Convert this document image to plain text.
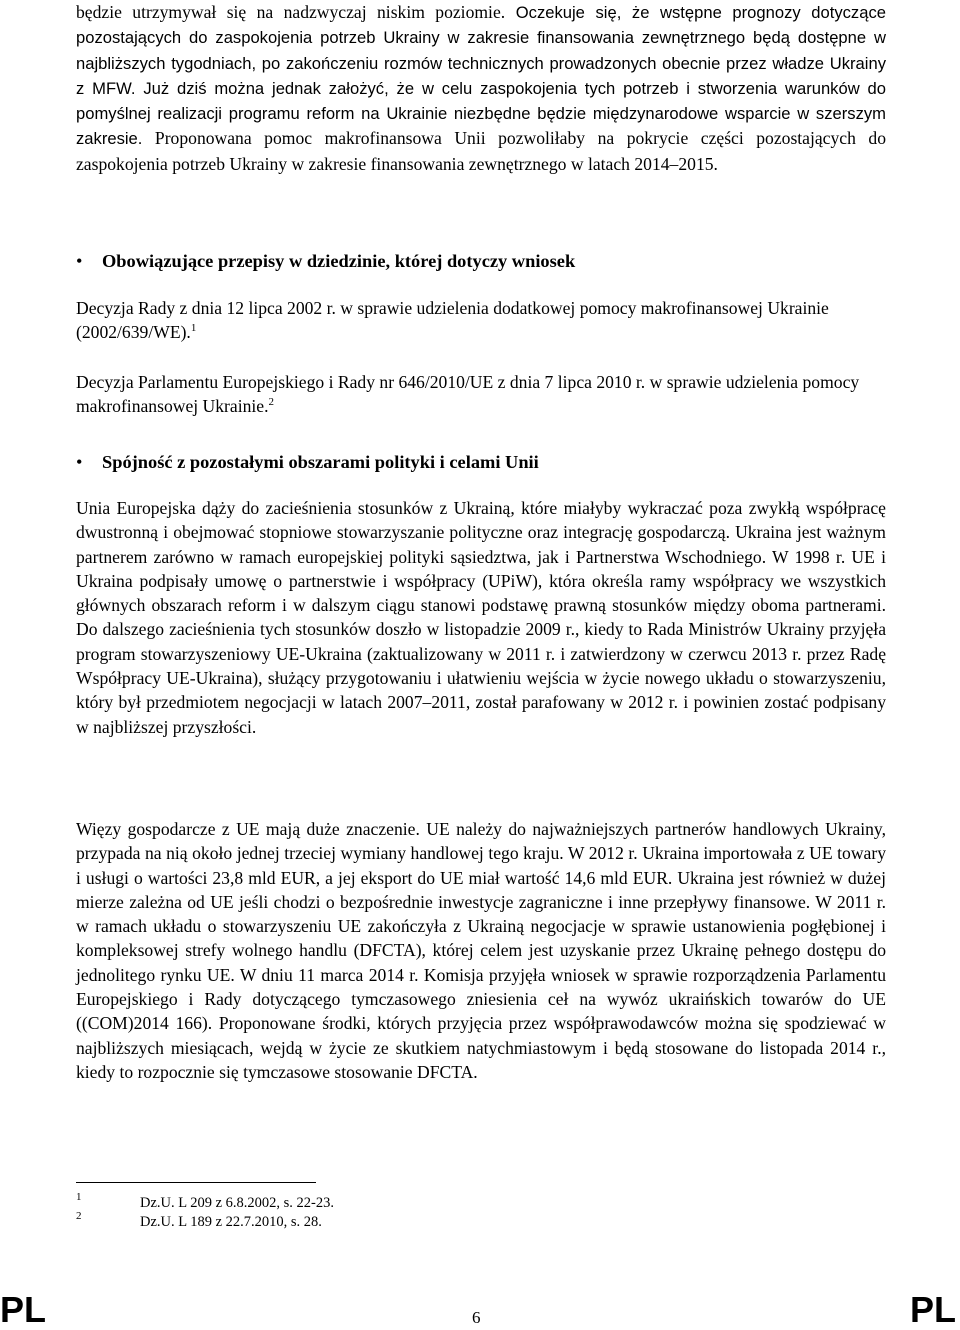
będzie utrzymywał się na nadzwyczaj niskim poziomie. Oczekuje się, że wstępne prognozy dotyczące pozostających do zaspokojenia potrzeb Ukrainy w zakresie finansowania zewnętrznego będą dostępne w najbliższych tygodniach, po zakończeniu rozmów technicznych prowadzonych obecnie przez władze Ukrainy z MFW. Już dziś można jednak założyć, że w celu zaspokojenia tych potrzeb i stworzenia warunków do pomyślnej realizacji programu reform na Ukrainie niezbędne będzie międzynarodowe wsparcie w szerszym zakresie. Proponowana pomoc makrofinansowa Unii pozwoliłaby na pokrycie części pozostających do zaspokojenia potrzeb Ukrainy w zakresie finansowania zewnętrznego w latach 2014–2015.

• Obowiązujące przepisy w dziedzinie, której dotyczy wniosek

Decyzja Rady z dnia 12 lipca 2002 r. w sprawie udzielenia dodatkowej pomocy makrofinansowej Ukrainie (2002/639/WE).$^1$

Decyzja Parlamentu Europejskiego i Rady nr 646/2010/UE z dnia 7 lipca 2010 r. w sprawie udzielenia pomocy makrofinansowej Ukrainie.$^2$

• Spójność z pozostałymi obszarami polityki i celami Unii

Unia Europejska dąży do zacieśnienia stosunków z Ukrainą, które miałyby wykraczać poza zwykłą współpracę dwustronną i obejmować stopniowe stowarzyszanie polityczne oraz integrację gospodarczą. Ukraina jest ważnym partnerem zarówno w ramach europejskiej polityki sąsiedztwa, jak i Partnerstwa Wschodniego. W 1998 r. UE i Ukraina podpisały umowę o partnerstwie i współpracy (UPiW), która określa ramy współpracy we wszystkich głównych obszarach reform i w dalszym ciągu stanowi podstawę prawną stosunków między oboma partnerami. Do dalszego zacieśnienia tych stosunków doszło w listopadzie 2009 r., kiedy to Rada Ministrów Ukrainy przyjęła program stowarzyszeniowy UE-Ukraina (zaktualizowany w 2011 r. i zatwierdzony w czerwcu 2013 r. przez Radę Współpracy UE-Ukraina), służący przygotowaniu i ułatwieniu wejścia w życie nowego układu o stowarzyszeniu, który był przedmiotem negocjacji w latach 2007–2011, został parafowany w 2012 r. i powinien zostać podpisany w najbliższej przyszłości.

Więzy gospodarcze z UE mają duże znaczenie. UE należy do najważniejszych partnerów handlowych Ukrainy, przypada na nią około jednej trzeciej wymiany handlowej tego kraju. W 2012 r. Ukraina importowała z UE towary i usługi o wartości 23,8 mld EUR, a jej eksport do UE miał wartość 14,6 mld EUR. Ukraina jest również w dużej mierze zależna od UE jeśli chodzi o bezpośrednie inwestycje zagraniczne i inne przepływy finansowe. W 2011 r. w ramach układu o stowarzyszeniu UE zakończyła z Ukrainą negocjacje w sprawie ustanowienia pogłębionej i kompleksowej strefy wolnego handlu (DFCTA), której celem jest uzyskanie przez Ukrainę pełnego dostępu do jednolitego rynku UE. W dniu 11 marca 2014 r. Komisja przyjęła wniosek w sprawie rozporządzenia Parlamentu Europejskiego i Rady dotyczącego tymczasowego zniesienia ceł na wywóz ukraińskich towarów do UE ((COM)2014 166). Proponowane środki, których przyjęcia przez współprawodawców można się spodziewać w najbliższych miesiącach, wejdą w życie ze skutkiem natychmiastowym i będą stosowane do listopada 2014 r., kiedy to rozpocznie się tymczasowe stosowanie DFCTA.

1	Dz.U. L 209 z 6.8.2002, s. 22-23.
2	Dz.U. L 189 z 22.7.2010, s. 28.
PL	6	PL
